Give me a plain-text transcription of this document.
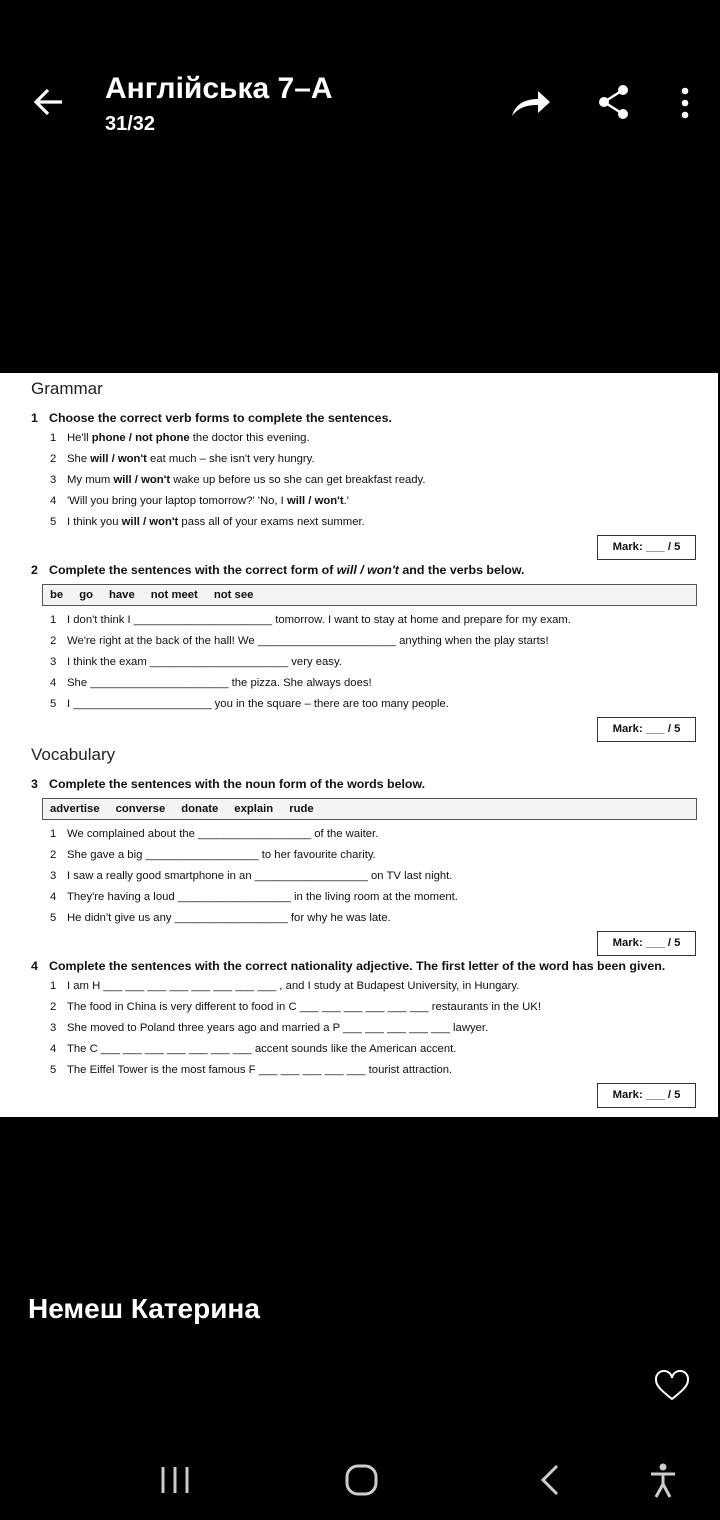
Англійська 7–А
31/32
Grammar
1 Choose the correct verb forms to complete the sentences.
1 He'll phone / not phone the doctor this evening.
2 She will / won't eat much – she isn't very hungry.
3 My mum will / won't wake up before us so she can get breakfast ready.
4 'Will you bring your laptop tomorrow?' 'No, I will / won't.'
5 I think you will / won't pass all of your exams next summer.
Mark: ___ / 5
2 Complete the sentences with the correct form of will / won't and the verbs below.
be go have not meet not see
1 I don't think I ______________________ tomorrow. I want to stay at home and prepare for my exam.
2 We're right at the back of the hall! We ______________________ anything when the play starts!
3 I think the exam ______________________ very easy.
4 She ______________________ the pizza. She always does!
5 I ______________________ you in the square – there are too many people.
Mark: ___ / 5
Vocabulary
3 Complete the sentences with the noun form of the words below.
advertise converse donate explain rude
1 We complained about the __________________ of the waiter.
2 She gave a big __________________ to her favourite charity.
3 I saw a really good smartphone in an __________________ on TV last night.
4 They're having a loud __________________ in the living room at the moment.
5 He didn't give us any __________________ for why he was late.
Mark: ___ / 5
4 Complete the sentences with the correct nationality adjective. The first letter of the word has been given.
1 I am H ___ ___ ___ ___ ___ ___ ___ ___ , and I study at Budapest University, in Hungary.
2 The food in China is very different to food in C ___ ___ ___ ___ ___ ___ restaurants in the UK!
3 She moved to Poland three years ago and married a P ___ ___ ___ ___ ___ lawyer.
4 The C ___ ___ ___ ___ ___ ___ ___ accent sounds like the American accent.
5 The Eiffel Tower is the most famous F ___ ___ ___ ___ ___ tourist attraction.
Mark: ___ / 5
Немеш Катерина
